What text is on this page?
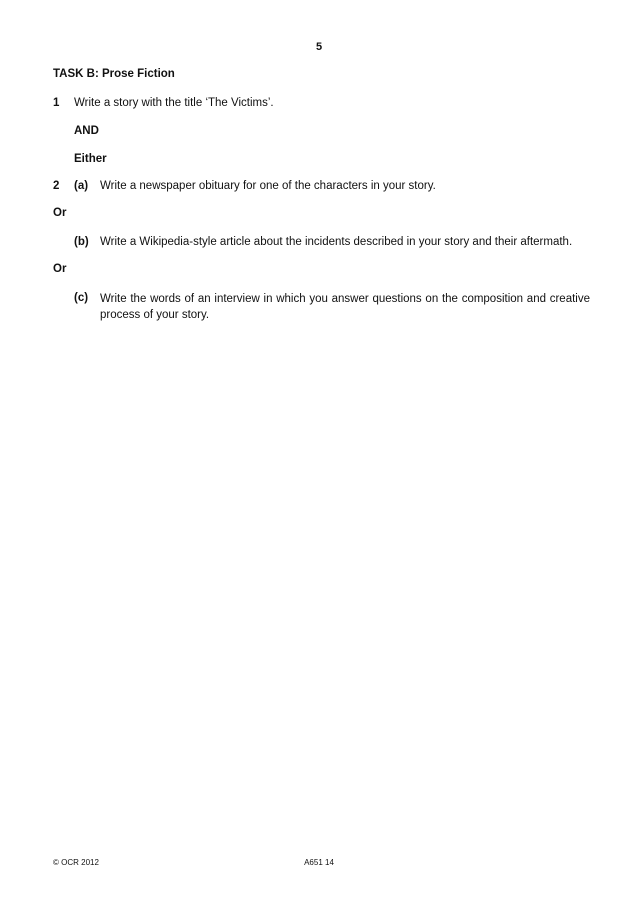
5
TASK B: Prose Fiction
1 Write a story with the title ‘The Victims’.
AND
Either
2 (a) Write a newspaper obituary for one of the characters in your story.
Or
(b) Write a Wikipedia-style article about the incidents described in your story and their aftermath.
Or
(c) Write the words of an interview in which you answer questions on the composition and creative process of your story.
© OCR 2012	A651 14
